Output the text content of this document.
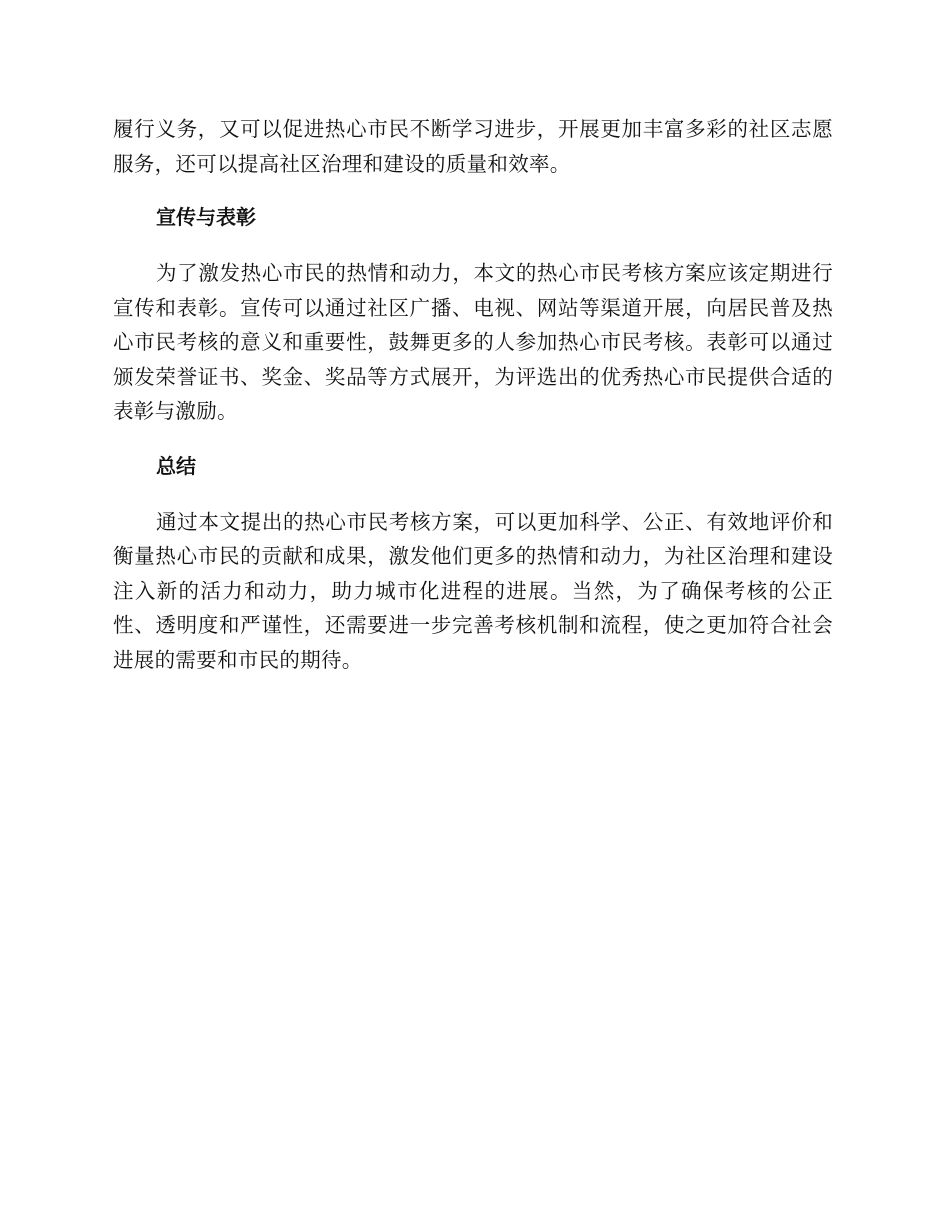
履行义务，又可以促进热心市民不断学习进步，开展更加丰富多彩的社区志愿服务，还可以提高社区治理和建设的质量和效率。

宣传与表彰

为了激发热心市民的热情和动力，本文的热心市民考核方案应该定期进行宣传和表彰。宣传可以通过社区广播、电视、网站等渠道开展，向居民普及热心市民考核的意义和重要性，鼓舞更多的人参加热心市民考核。表彰可以通过颁发荣誉证书、奖金、奖品等方式展开，为评选出的优秀热心市民提供合适的表彰与激励。

总结

通过本文提出的热心市民考核方案，可以更加科学、公正、有效地评价和衡量热心市民的贡献和成果，激发他们更多的热情和动力，为社区治理和建设注入新的活力和动力，助力城市化进程的进展。当然，为了确保考核的公正性、透明度和严谨性，还需要进一步完善考核机制和流程，使之更加符合社会进展的需要和市民的期待。
